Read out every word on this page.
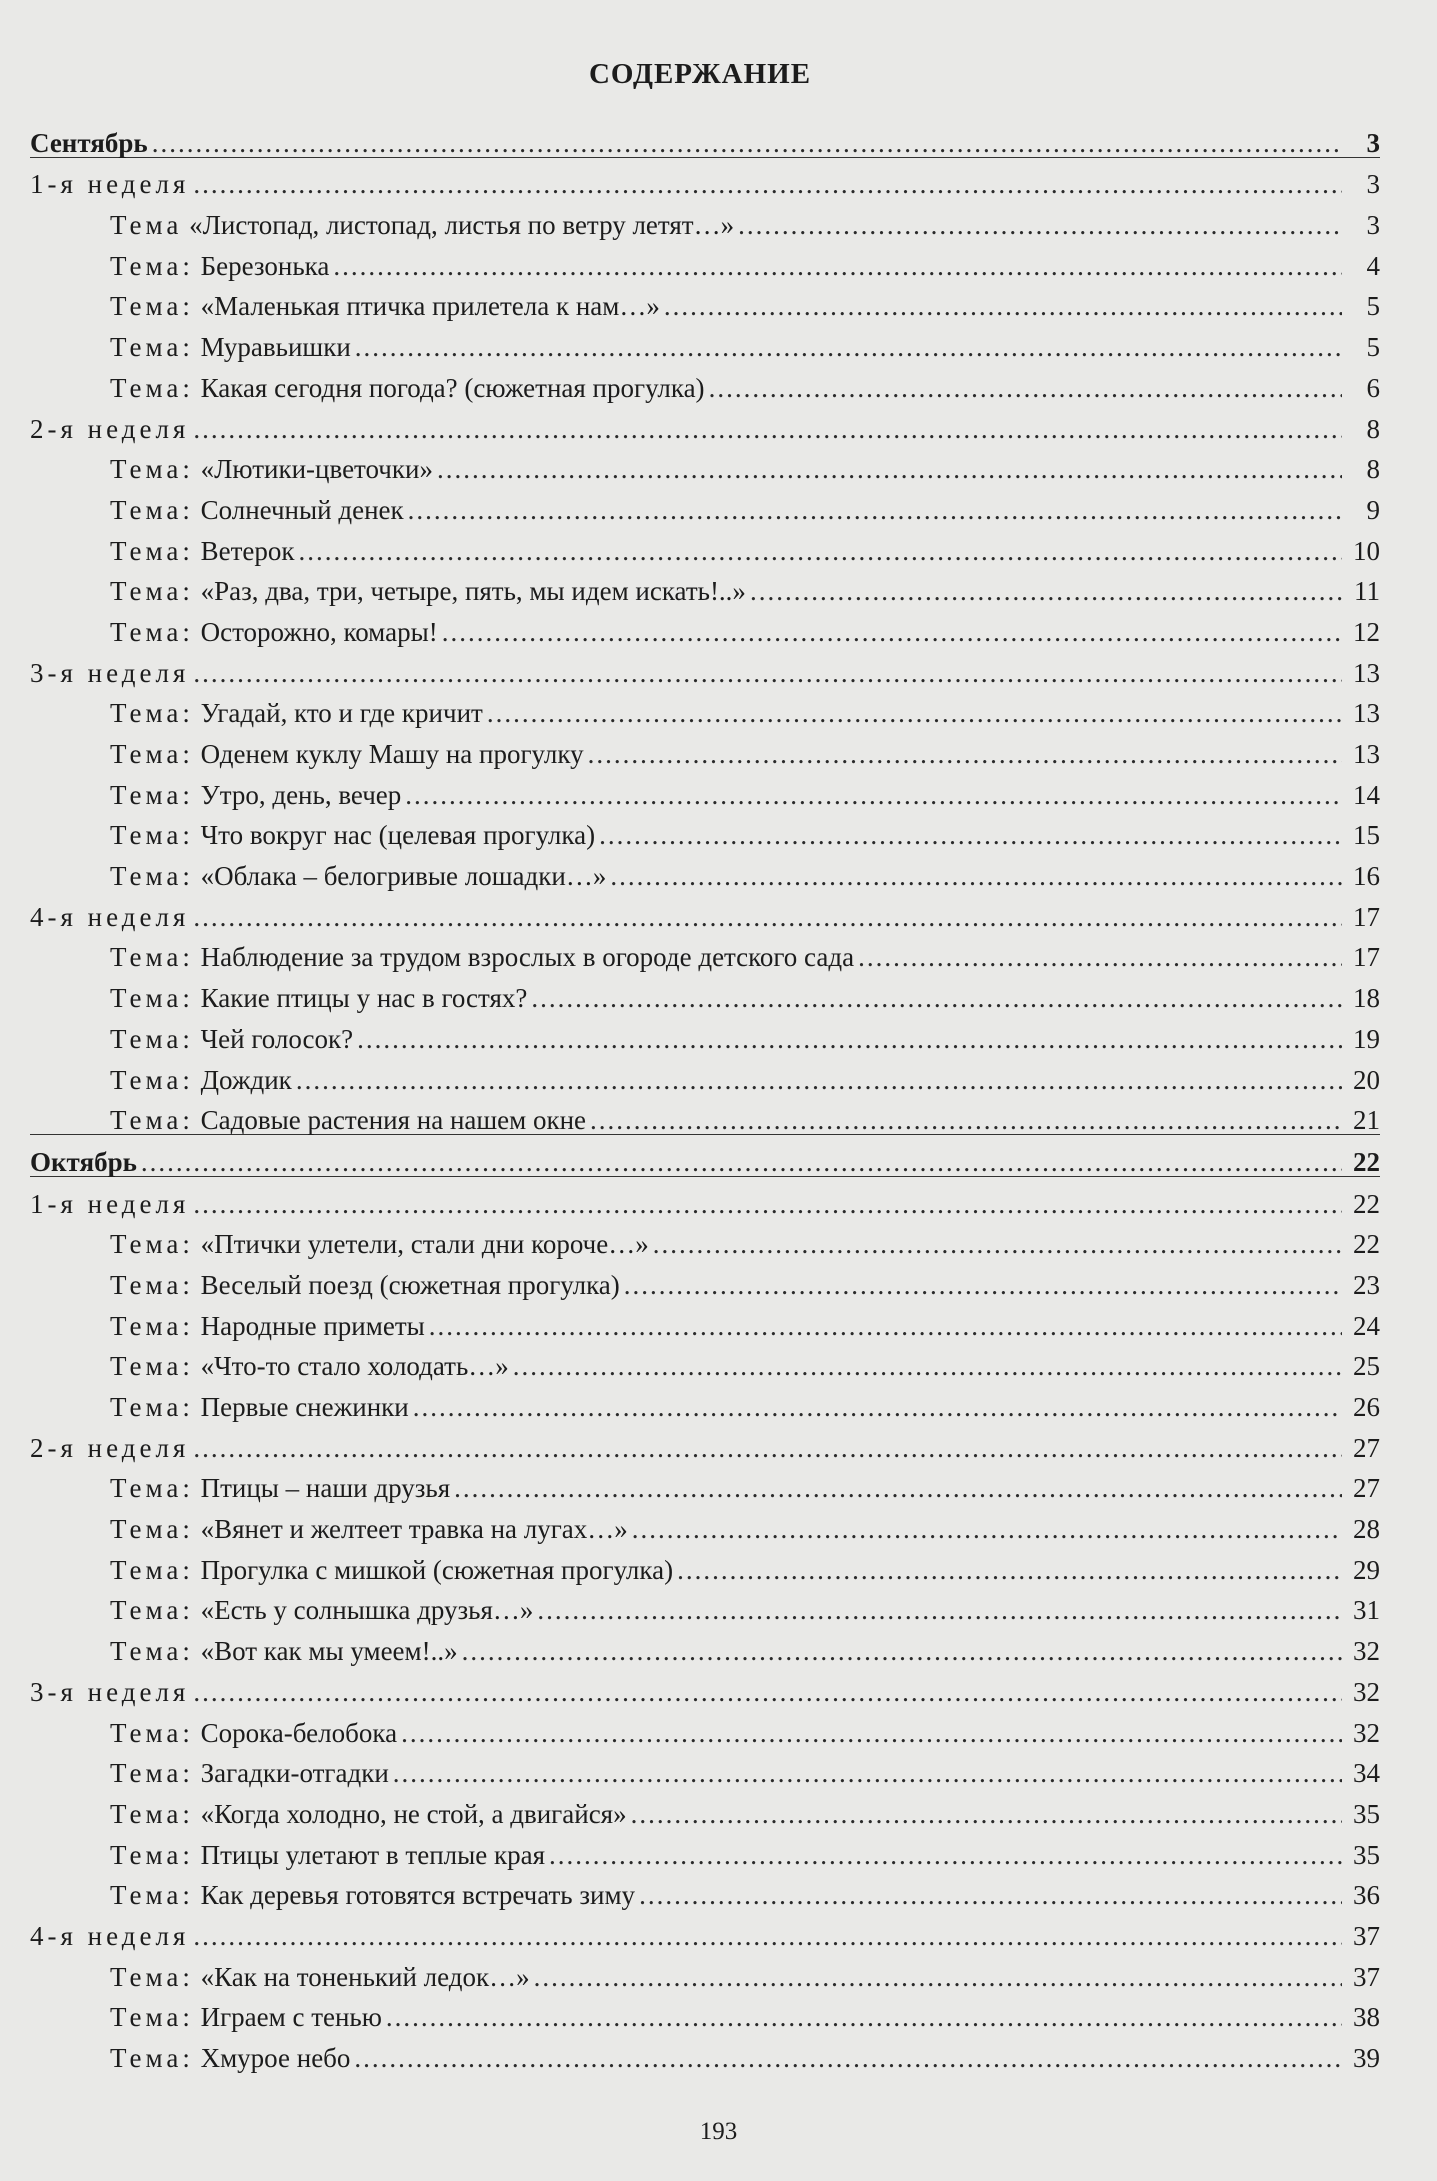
СОДЕРЖАНИЕ
Сентябрь .....	3
1-я неделя .....	3
Тема «Листопад, листопад, листья по ветру летят…» .....	3
Тема: Березонька .....	4
Тема: «Маленькая птичка прилетела к нам…» .....	5
Тема: Муравьишки .....	5
Тема: Какая сегодня погода? (сюжетная прогулка) .....	6
2-я неделя .....	8
Тема: «Лютики-цветочки» .....	8
Тема: Солнечный денек .....	9
Тема: Ветерок .....	10
Тема: «Раз, два, три, четыре, пять, мы идем искать!..» .....	11
Тема: Осторожно, комары! .....	12
3-я неделя .....	13
Тема: Угадай, кто и где кричит .....	13
Тема: Оденем куклу Машу на прогулку .....	13
Тема: Утро, день, вечер .....	14
Тема: Что вокруг нас (целевая прогулка) .....	15
Тема: «Облака – белогривые лошадки…» .....	16
4-я неделя .....	17
Тема: Наблюдение за трудом взрослых в огороде детского сада .....	17
Тема: Какие птицы у нас в гостях? .....	18
Тема: Чей голосок? .....	19
Тема: Дождик .....	20
Тема: Садовые растения на нашем окне .....	21
Октябрь .....	22
1-я неделя .....	22
Тема: «Птички улетели, стали дни короче…» .....	22
Тема: Веселый поезд (сюжетная прогулка) .....	23
Тема: Народные приметы .....	24
Тема: «Что-то стало холодать…» .....	25
Тема: Первые снежинки .....	26
2-я неделя .....	27
Тема: Птицы – наши друзья .....	27
Тема: «Вянет и желтеет травка на лугах…» .....	28
Тема: Прогулка с мишкой (сюжетная прогулка) .....	29
Тема: «Есть у солнышка друзья…» .....	31
Тема: «Вот как мы умеем!..» .....	32
3-я неделя .....	32
Тема: Сорока-белобока .....	32
Тема: Загадки-отгадки .....	34
Тема: «Когда холодно, не стой, а двигайся» .....	35
Тема: Птицы улетают в теплые края .....	35
Тема: Как деревья готовятся встречать зиму .....	36
4-я неделя .....	37
Тема: «Как на тоненький ледок…» .....	37
Тема: Играем с тенью .....	38
Тема: Хмурое небо .....	39
193
